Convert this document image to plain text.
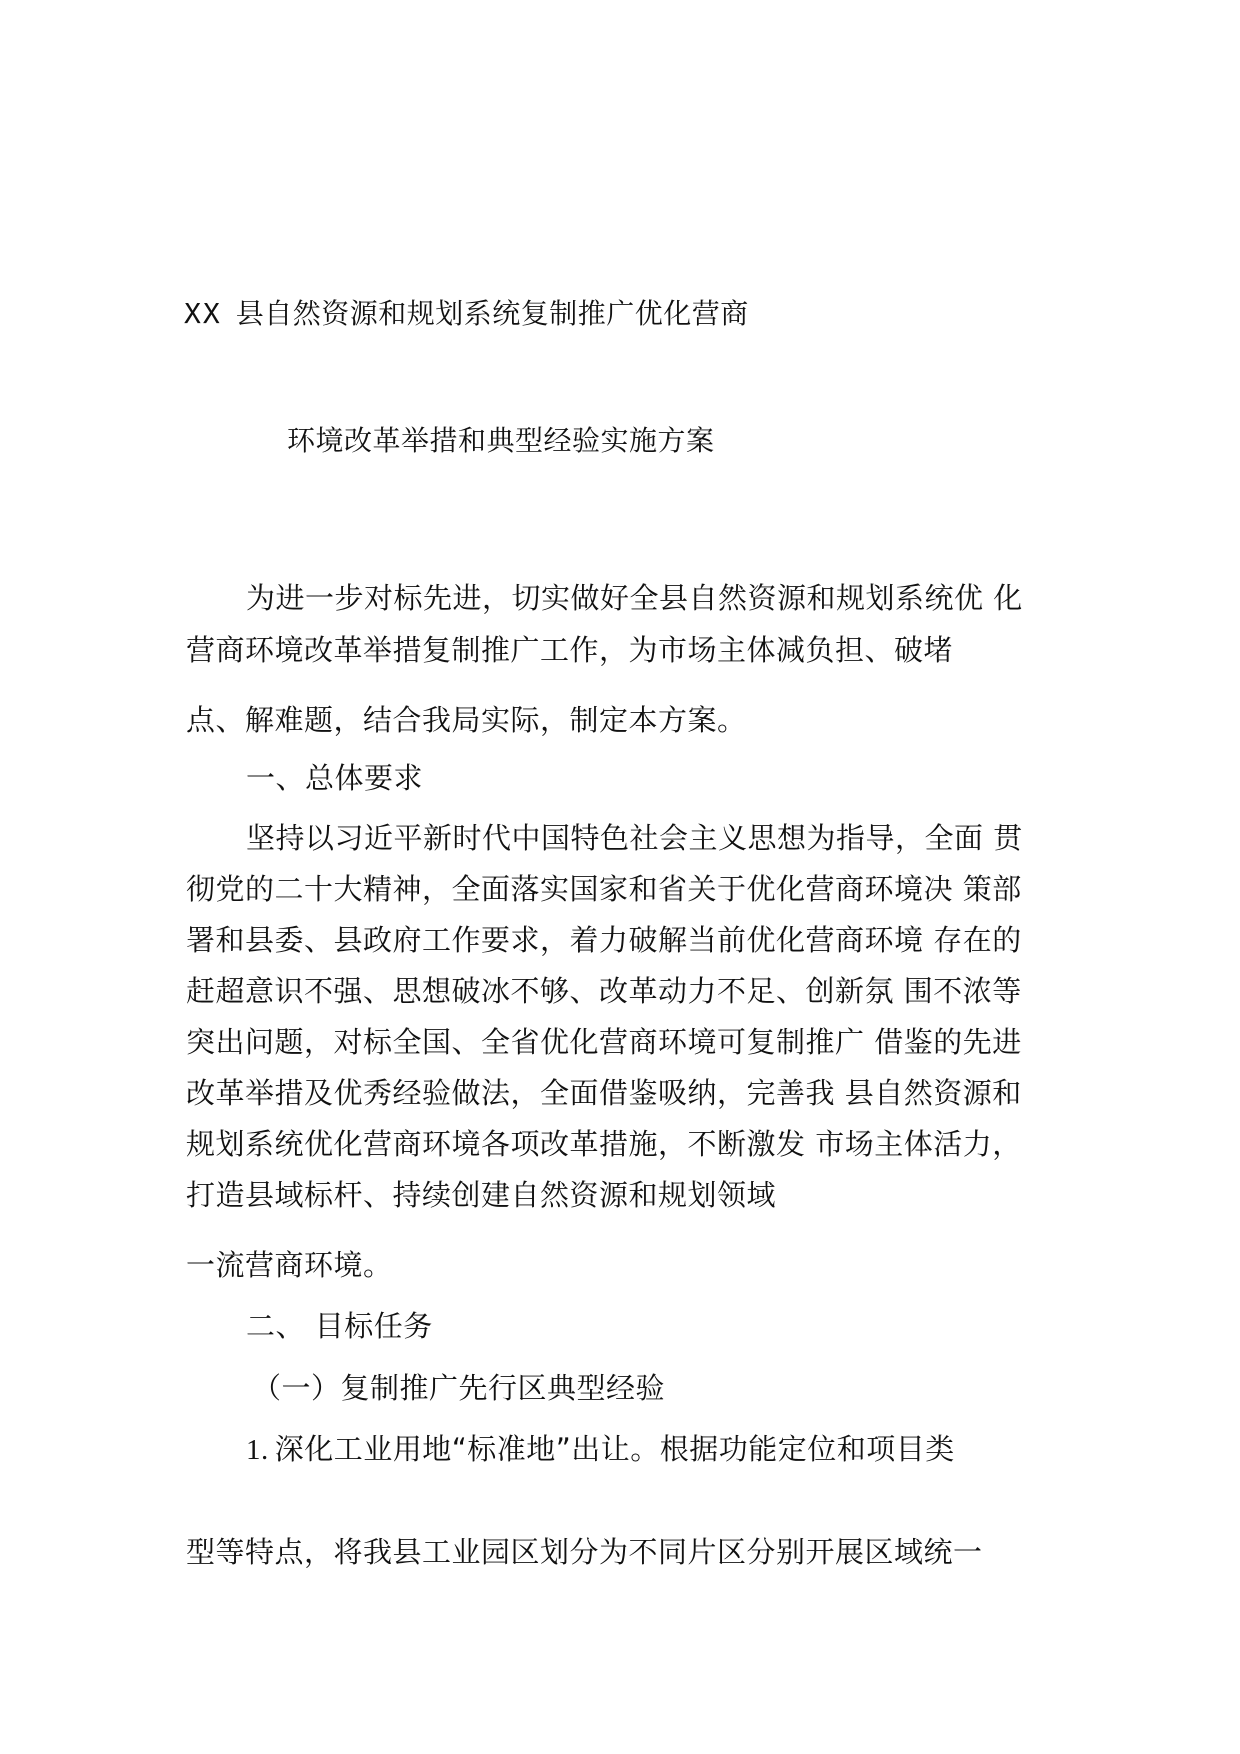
XX 县自然资源和规划系统复制推广优化营商
环境改革举措和典型经验实施方案
为进一步对标先进，切实做好全县自然资源和规划系统优 化
营商环境改革举措复制推广工作，为市场主体减负担、破堵
点、解难题，结合我局实际，制定本方案。
一、总体要求
坚持以习近平新时代中国特色社会主义思想为指导，全面 贯
彻党的二十大精神，全面落实国家和省关于优化营商环境决 策部
署和县委、县政府工作要求，着力破解当前优化营商环境 存在的
赶超意识不强、思想破冰不够、改革动力不足、创新氛 围不浓等
突出问题，对标全国、全省优化营商环境可复制推广 借鉴的先进
改革举措及优秀经验做法，全面借鉴吸纳，完善我 县自然资源和
规划系统优化营商环境各项改革措施，不断激发 市场主体活力，
打造县域标杆、持续创建自然资源和规划领域
一流营商环境。
二、 目标任务
（一）复制推广先行区典型经验
1. 深化工业用地“标准地”出让。根据功能定位和项目类
型等特点，将我县工业园区划分为不同片区分别开展区域统一
